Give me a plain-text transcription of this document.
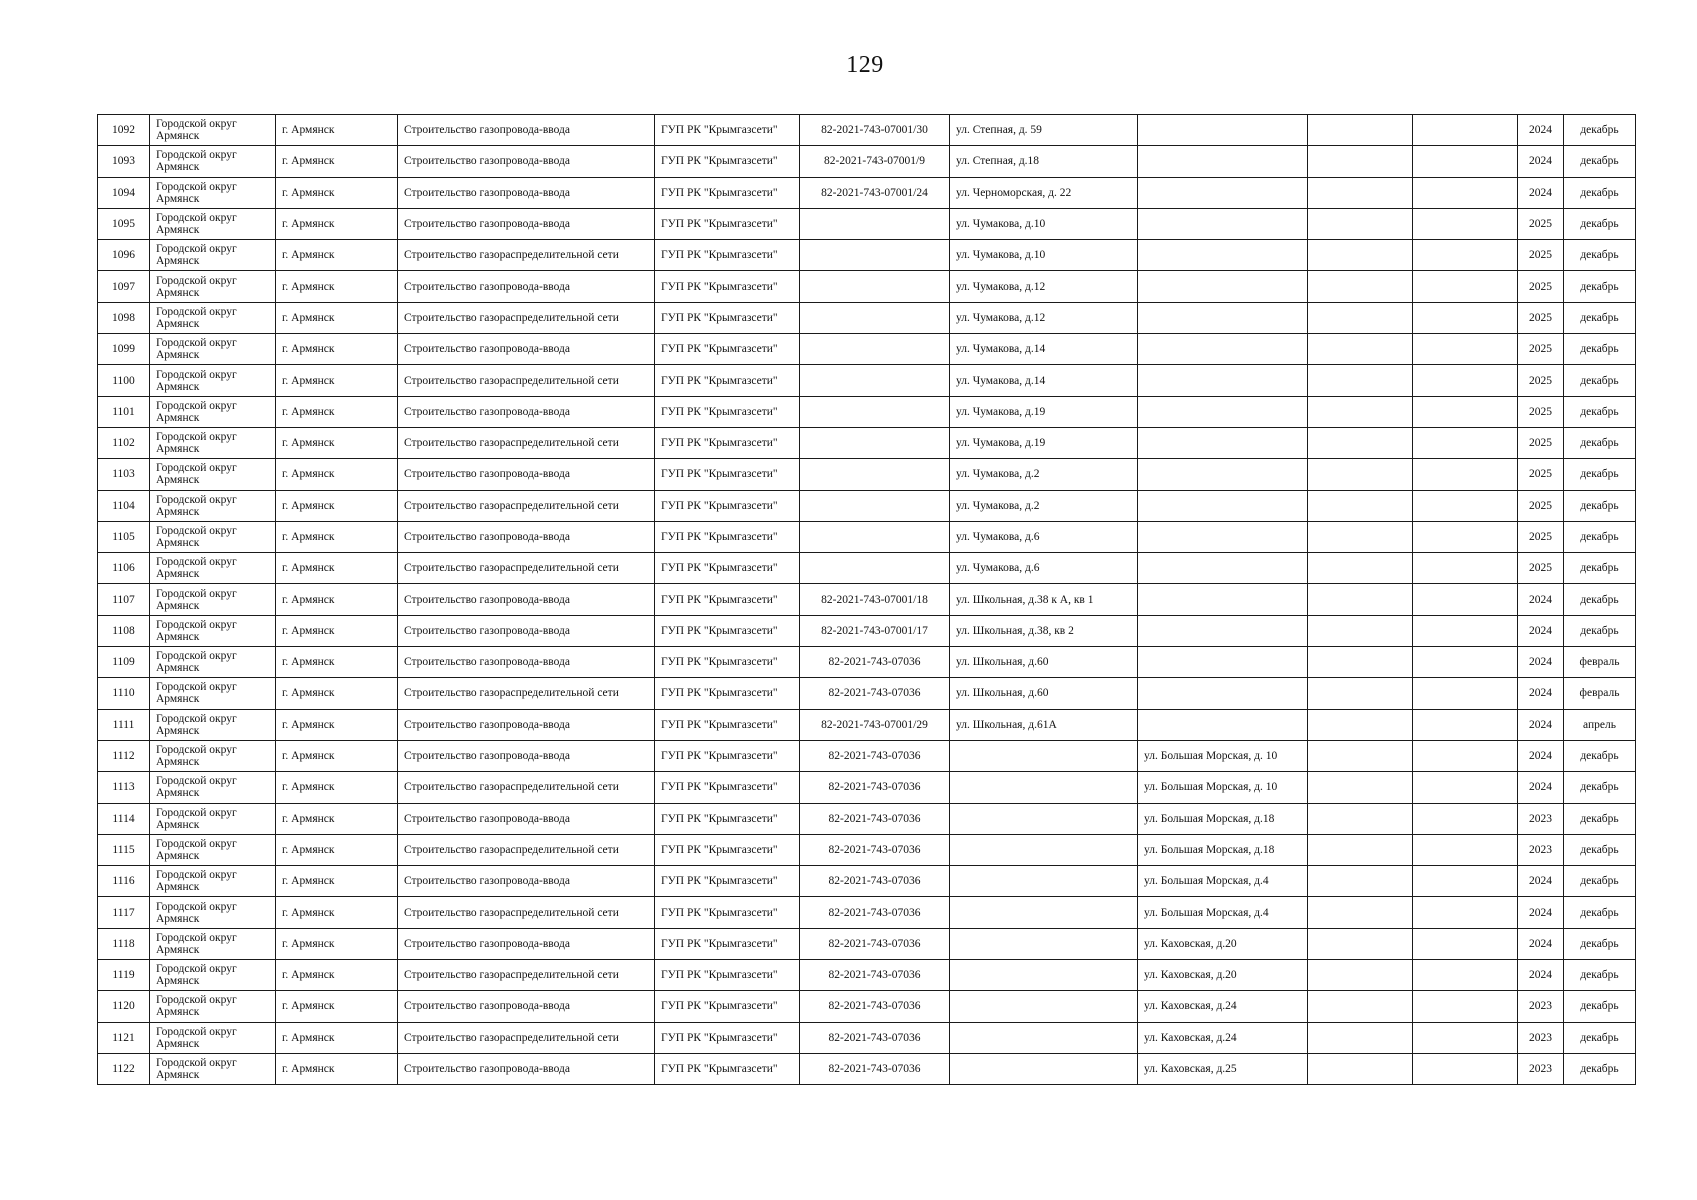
129
1092	Городской округ Армянск	г. Армянск	Строительство газопровода-ввода	ГУП РК "Крымгазсети"	82-2021-743-07001/30	ул. Степная, д. 59				2024	декабрь
1093	Городской округ Армянск	г. Армянск	Строительство газопровода-ввода	ГУП РК "Крымгазсети"	82-2021-743-07001/9	ул. Степная, д.18				2024	декабрь
1094	Городской округ Армянск	г. Армянск	Строительство газопровода-ввода	ГУП РК "Крымгазсети"	82-2021-743-07001/24	ул. Черноморская, д. 22				2024	декабрь
1095	Городской округ Армянск	г. Армянск	Строительство газопровода-ввода	ГУП РК "Крымгазсети"		ул. Чумакова, д.10				2025	декабрь
1096	Городской округ Армянск	г. Армянск	Строительство газораспределительной сети	ГУП РК "Крымгазсети"		ул. Чумакова, д.10				2025	декабрь
1097	Городской округ Армянск	г. Армянск	Строительство газопровода-ввода	ГУП РК "Крымгазсети"		ул. Чумакова, д.12				2025	декабрь
1098	Городской округ Армянск	г. Армянск	Строительство газораспределительной сети	ГУП РК "Крымгазсети"		ул. Чумакова, д.12				2025	декабрь
1099	Городской округ Армянск	г. Армянск	Строительство газопровода-ввода	ГУП РК "Крымгазсети"		ул. Чумакова, д.14				2025	декабрь
1100	Городской округ Армянск	г. Армянск	Строительство газораспределительной сети	ГУП РК "Крымгазсети"		ул. Чумакова, д.14				2025	декабрь
1101	Городской округ Армянск	г. Армянск	Строительство газопровода-ввода	ГУП РК "Крымгазсети"		ул. Чумакова, д.19				2025	декабрь
1102	Городской округ Армянск	г. Армянск	Строительство газораспределительной сети	ГУП РК "Крымгазсети"		ул. Чумакова, д.19				2025	декабрь
1103	Городской округ Армянск	г. Армянск	Строительство газопровода-ввода	ГУП РК "Крымгазсети"		ул. Чумакова, д.2				2025	декабрь
1104	Городской округ Армянск	г. Армянск	Строительство газораспределительной сети	ГУП РК "Крымгазсети"		ул. Чумакова, д.2				2025	декабрь
1105	Городской округ Армянск	г. Армянск	Строительство газопровода-ввода	ГУП РК "Крымгазсети"		ул. Чумакова, д.6				2025	декабрь
1106	Городской округ Армянск	г. Армянск	Строительство газораспределительной сети	ГУП РК "Крымгазсети"		ул. Чумакова, д.6				2025	декабрь
1107	Городской округ Армянск	г. Армянск	Строительство газопровода-ввода	ГУП РК "Крымгазсети"	82-2021-743-07001/18	ул. Школьная, д.38 к А, кв 1				2024	декабрь
1108	Городской округ Армянск	г. Армянск	Строительство газопровода-ввода	ГУП РК "Крымгазсети"	82-2021-743-07001/17	ул. Школьная, д.38, кв 2				2024	декабрь
1109	Городской округ Армянск	г. Армянск	Строительство газопровода-ввода	ГУП РК "Крымгазсети"	82-2021-743-07036	ул. Школьная, д.60				2024	февраль
1110	Городской округ Армянск	г. Армянск	Строительство газораспределительной сети	ГУП РК "Крымгазсети"	82-2021-743-07036	ул. Школьная, д.60				2024	февраль
1111	Городской округ Армянск	г. Армянск	Строительство газопровода-ввода	ГУП РК "Крымгазсети"	82-2021-743-07001/29	ул. Школьная, д.61А				2024	апрель
1112	Городской округ Армянск	г. Армянск	Строительство газопровода-ввода	ГУП РК "Крымгазсети"	82-2021-743-07036		ул. Большая Морская, д. 10			2024	декабрь
1113	Городской округ Армянск	г. Армянск	Строительство газораспределительной сети	ГУП РК "Крымгазсети"	82-2021-743-07036		ул. Большая Морская, д. 10			2024	декабрь
1114	Городской округ Армянск	г. Армянск	Строительство газопровода-ввода	ГУП РК "Крымгазсети"	82-2021-743-07036		ул. Большая Морская, д.18			2023	декабрь
1115	Городской округ Армянск	г. Армянск	Строительство газораспределительной сети	ГУП РК "Крымгазсети"	82-2021-743-07036		ул. Большая Морская, д.18			2023	декабрь
1116	Городской округ Армянск	г. Армянск	Строительство газопровода-ввода	ГУП РК "Крымгазсети"	82-2021-743-07036		ул. Большая Морская, д.4			2024	декабрь
1117	Городской округ Армянск	г. Армянск	Строительство газораспределительной сети	ГУП РК "Крымгазсети"	82-2021-743-07036		ул. Большая Морская, д.4			2024	декабрь
1118	Городской округ Армянск	г. Армянск	Строительство газопровода-ввода	ГУП РК "Крымгазсети"	82-2021-743-07036		ул. Каховская, д.20			2024	декабрь
1119	Городской округ Армянск	г. Армянск	Строительство газораспределительной сети	ГУП РК "Крымгазсети"	82-2021-743-07036		ул. Каховская, д.20			2024	декабрь
1120	Городской округ Армянск	г. Армянск	Строительство газопровода-ввода	ГУП РК "Крымгазсети"	82-2021-743-07036		ул. Каховская, д.24			2023	декабрь
1121	Городской округ Армянск	г. Армянск	Строительство газораспределительной сети	ГУП РК "Крымгазсети"	82-2021-743-07036		ул. Каховская, д.24			2023	декабрь
1122	Городской округ Армянск	г. Армянск	Строительство газопровода-ввода	ГУП РК "Крымгазсети"	82-2021-743-07036		ул. Каховская, д.25			2023	декабрь
